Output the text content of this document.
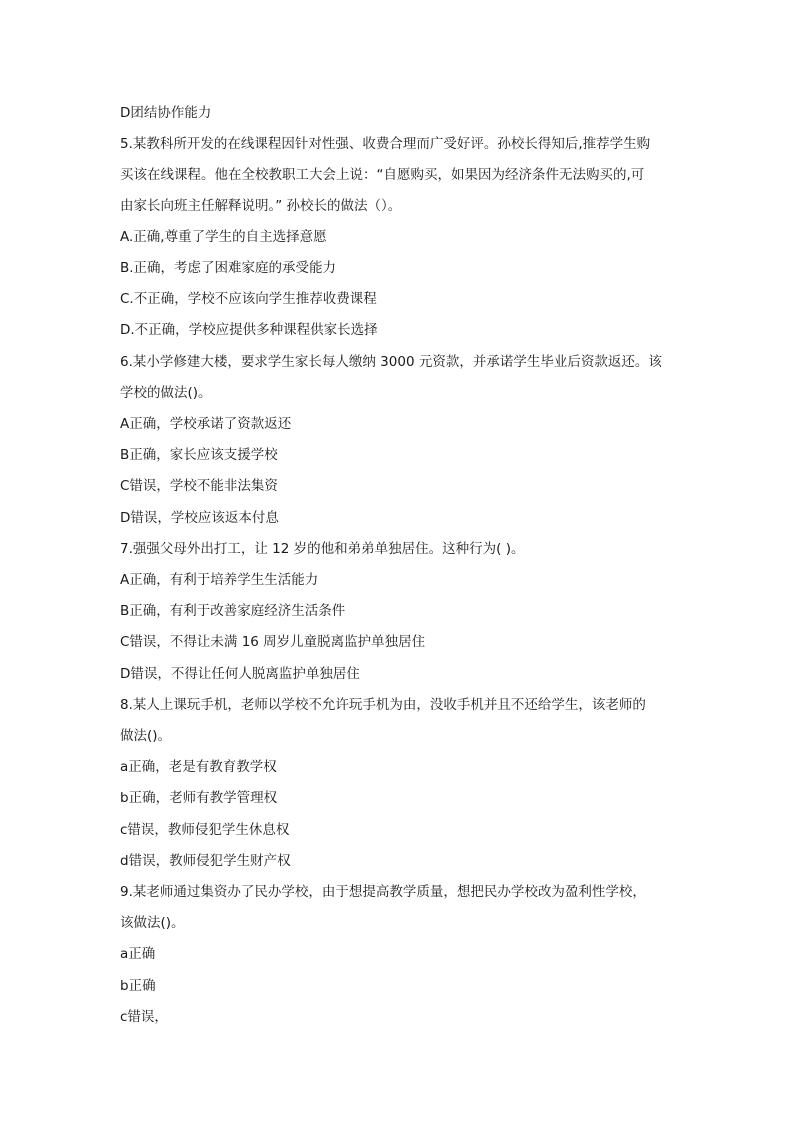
D团结协作能力
5.某教科所开发的在线课程因针对性强、收费合理而广受好评。孙校长得知后,推荐学生购
买该在线课程。他在全校教职工大会上说：“自愿购买，如果因为经济条件无法购买的,可
由家长向班主任解释说明。” 孙校长的做法（）。
A.正确,尊重了学生的自主选择意愿
B.正确，考虑了困难家庭的承受能力
C.不正确，学校不应该向学生推荐收费课程
D.不正确，学校应提供多种课程供家长选择
6.某小学修建大楼，要求学生家长每人缴纳 3000 元资款，并承诺学生毕业后资款返还。该
学校的做法()。
A正确，学校承诺了资款返还
B正确，家长应该支援学校
C错误，学校不能非法集资
D错误，学校应该返本付息
7.强强父母外出打工，让 12 岁的他和弟弟单独居住。这种行为( )。
A正确，有利于培养学生生活能力
B正确，有利于改善家庭经济生活条件
C错误，不得让未满 16 周岁儿童脱离监护单独居住
D错误，不得让任何人脱离监护单独居住
8.某人上课玩手机，老师以学校不允许玩手机为由，没收手机并且不还给学生，该老师的
做法()。
a正确，老是有教育教学权
b正确，老师有教学管理权
c错误，教师侵犯学生休息权
d错误，教师侵犯学生财产权
9.某老师通过集资办了民办学校，由于想提高教学质量，想把民办学校改为盈利性学校，
该做法()。
a正确
b正确
c错误，
